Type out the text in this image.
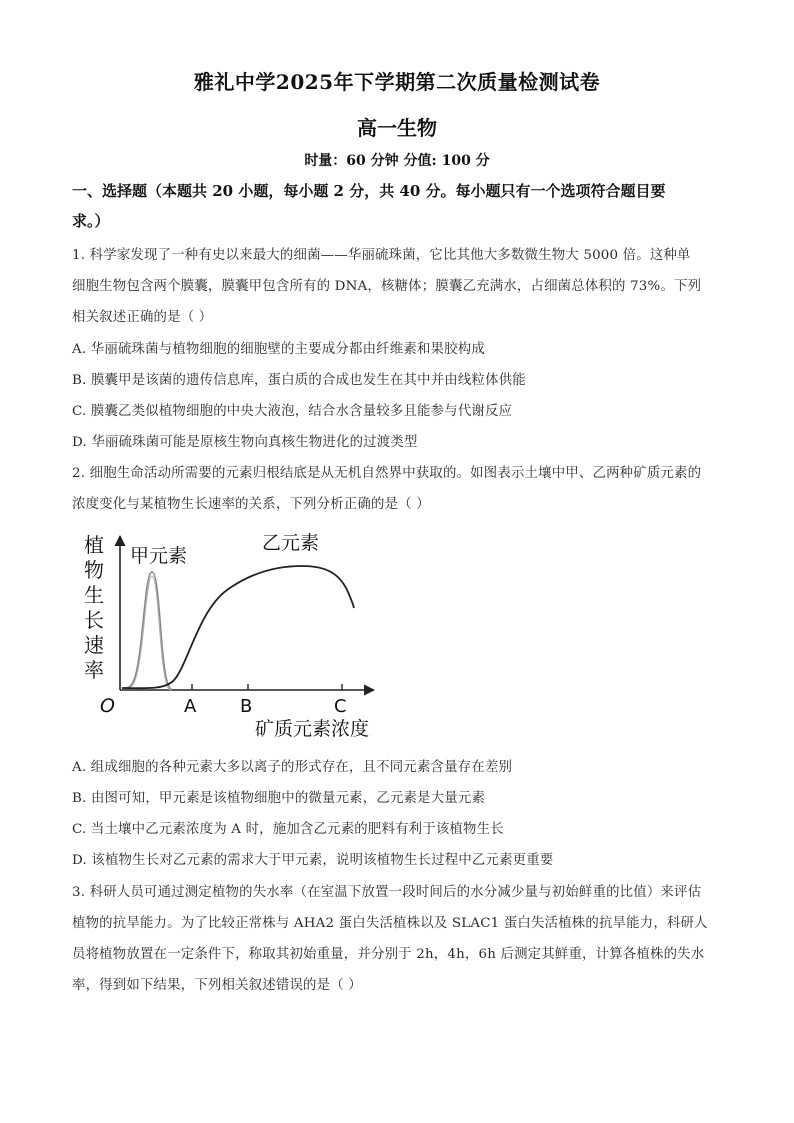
雅礼中学2025年下学期第二次质量检测试卷
高一生物
时量：60 分钟 分值: 100 分
一、选择题（本题共 20 小题，每小题 2 分，共 40 分。每小题只有一个选项符合题目要
求。）
1. 科学家发现了一种有史以来最大的细菌——华丽硫珠菌，它比其他大多数微生物大 5000 倍。这种单
细胞生物包含两个膜囊，膜囊甲包含所有的 DNA，核糖体；膜囊乙充满水，占细菌总体积的 73%。下列
相关叙述正确的是（ ）
A. 华丽硫珠菌与植物细胞的细胞壁的主要成分都由纤维素和果胶构成
B. 膜囊甲是该菌的遗传信息库，蛋白质的合成也发生在其中并由线粒体供能
C. 膜囊乙类似植物细胞的中央大液泡，结合水含量较多且能参与代谢反应
D. 华丽硫珠菌可能是原核生物向真核生物进化的过渡类型
2. 细胞生命活动所需要的元素归根结底是从无机自然界中获取的。如图表示土壤中甲、乙两种矿质元素的
浓度变化与某植物生长速率的关系，下列分析正确的是（ ）
植
物
生
长
速
率
O	A B	C
矿质元素浓度
甲元素
乙元素
A. 组成细胞的各种元素大多以离子的形式存在，且不同元素含量存在差别
B. 由图可知，甲元素是该植物细胞中的微量元素，乙元素是大量元素
C. 当土壤中乙元素浓度为 A 时，施加含乙元素的肥料有利于该植物生长
D. 该植物生长对乙元素的需求大于甲元素，说明该植物生长过程中乙元素更重要
3. 科研人员可通过测定植物的失水率（在室温下放置一段时间后的水分减少量与初始鲜重的比值）来评估
植物的抗旱能力。为了比较正常株与 AHA2 蛋白失活植株以及 SLAC1 蛋白失活植株的抗旱能力，科研人
员将植物放置在一定条件下，称取其初始重量，并分别于 2h，4h，6h 后测定其鲜重，计算各植株的失水
率，得到如下结果，下列相关叙述错误的是（ ）
